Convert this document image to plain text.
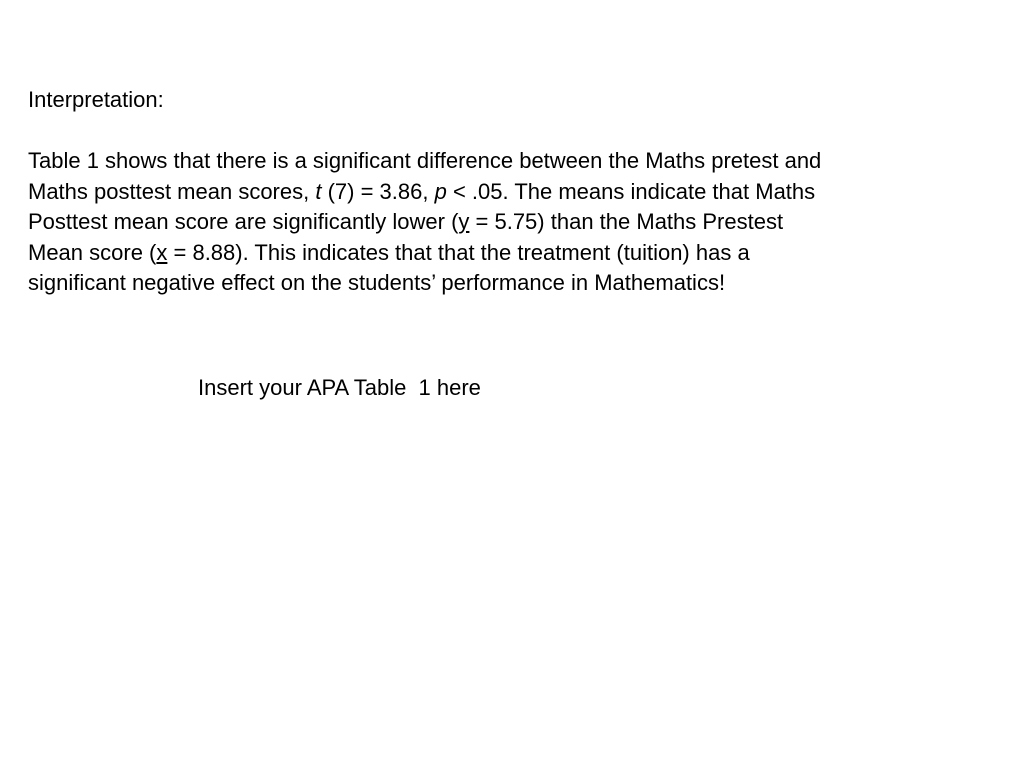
Interpretation:
Table 1 shows that there is a significant difference between the Maths pretest and
Maths posttest mean scores, t (7) = 3.86, p < .05. The means indicate that Maths
Posttest mean score are significantly lower (y = 5.75) than the Maths Prestest
Mean score (x = 8.88). This indicates that that the treatment (tuition) has a
significant negative effect on the students’ performance in Mathematics!
Insert your APA Table  1 here
